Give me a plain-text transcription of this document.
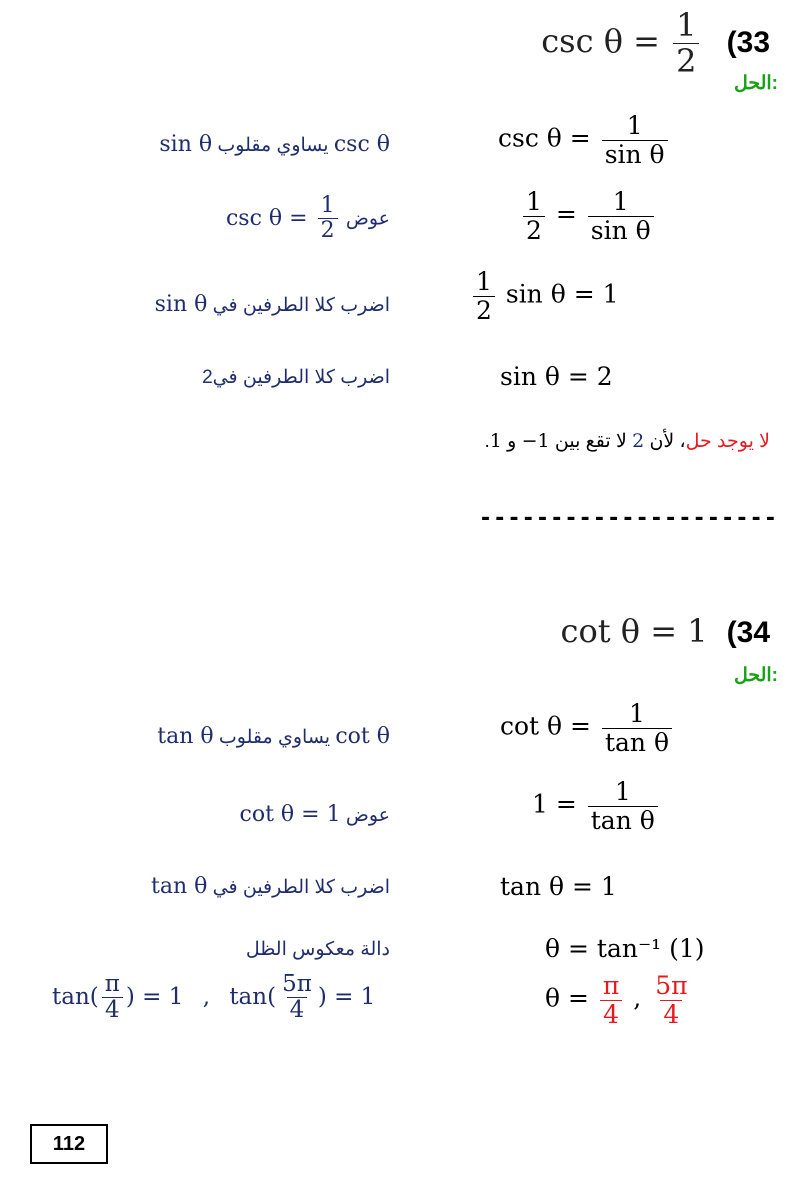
$\csc \theta = \frac{1}{2} (33$
الحل:
$\csc \theta = \frac{1}{\text{sin θ}}$
csc θ يساوي مقلوب sin θ
$\frac{1}{2} = \frac{1}{\text{sin θ}}$
عوض $\csc \theta = \frac{1}{2}$
$\frac{1}{2}$ sin θ = 1
اضرب كلا الطرفين في sin θ
sin θ = 2
اضرب كلا الطرفين في2
لا يوجد حل، لأن 2 لا تقع بين −1 و 1.
---------------------
cot θ = 1 (34
الحل:
$\cot \theta = \frac{1}{\text{tan θ}}$
cot θ يساوي مقلوب tan θ
$1 = \frac{1}{\text{tan θ}}$
عوض cot θ = 1
tan θ = 1
اضرب كلا الطرفين في tan θ
θ = tan⁻¹ (1)
دالة معكوس الظل
$\theta = \frac{\pi}{4}$ , $\frac{5\pi}{4}$
$\tan( \frac{\pi}{4}$ ) = 1 , $\tan( \frac{5\pi}{4}$ ) = 1
112
